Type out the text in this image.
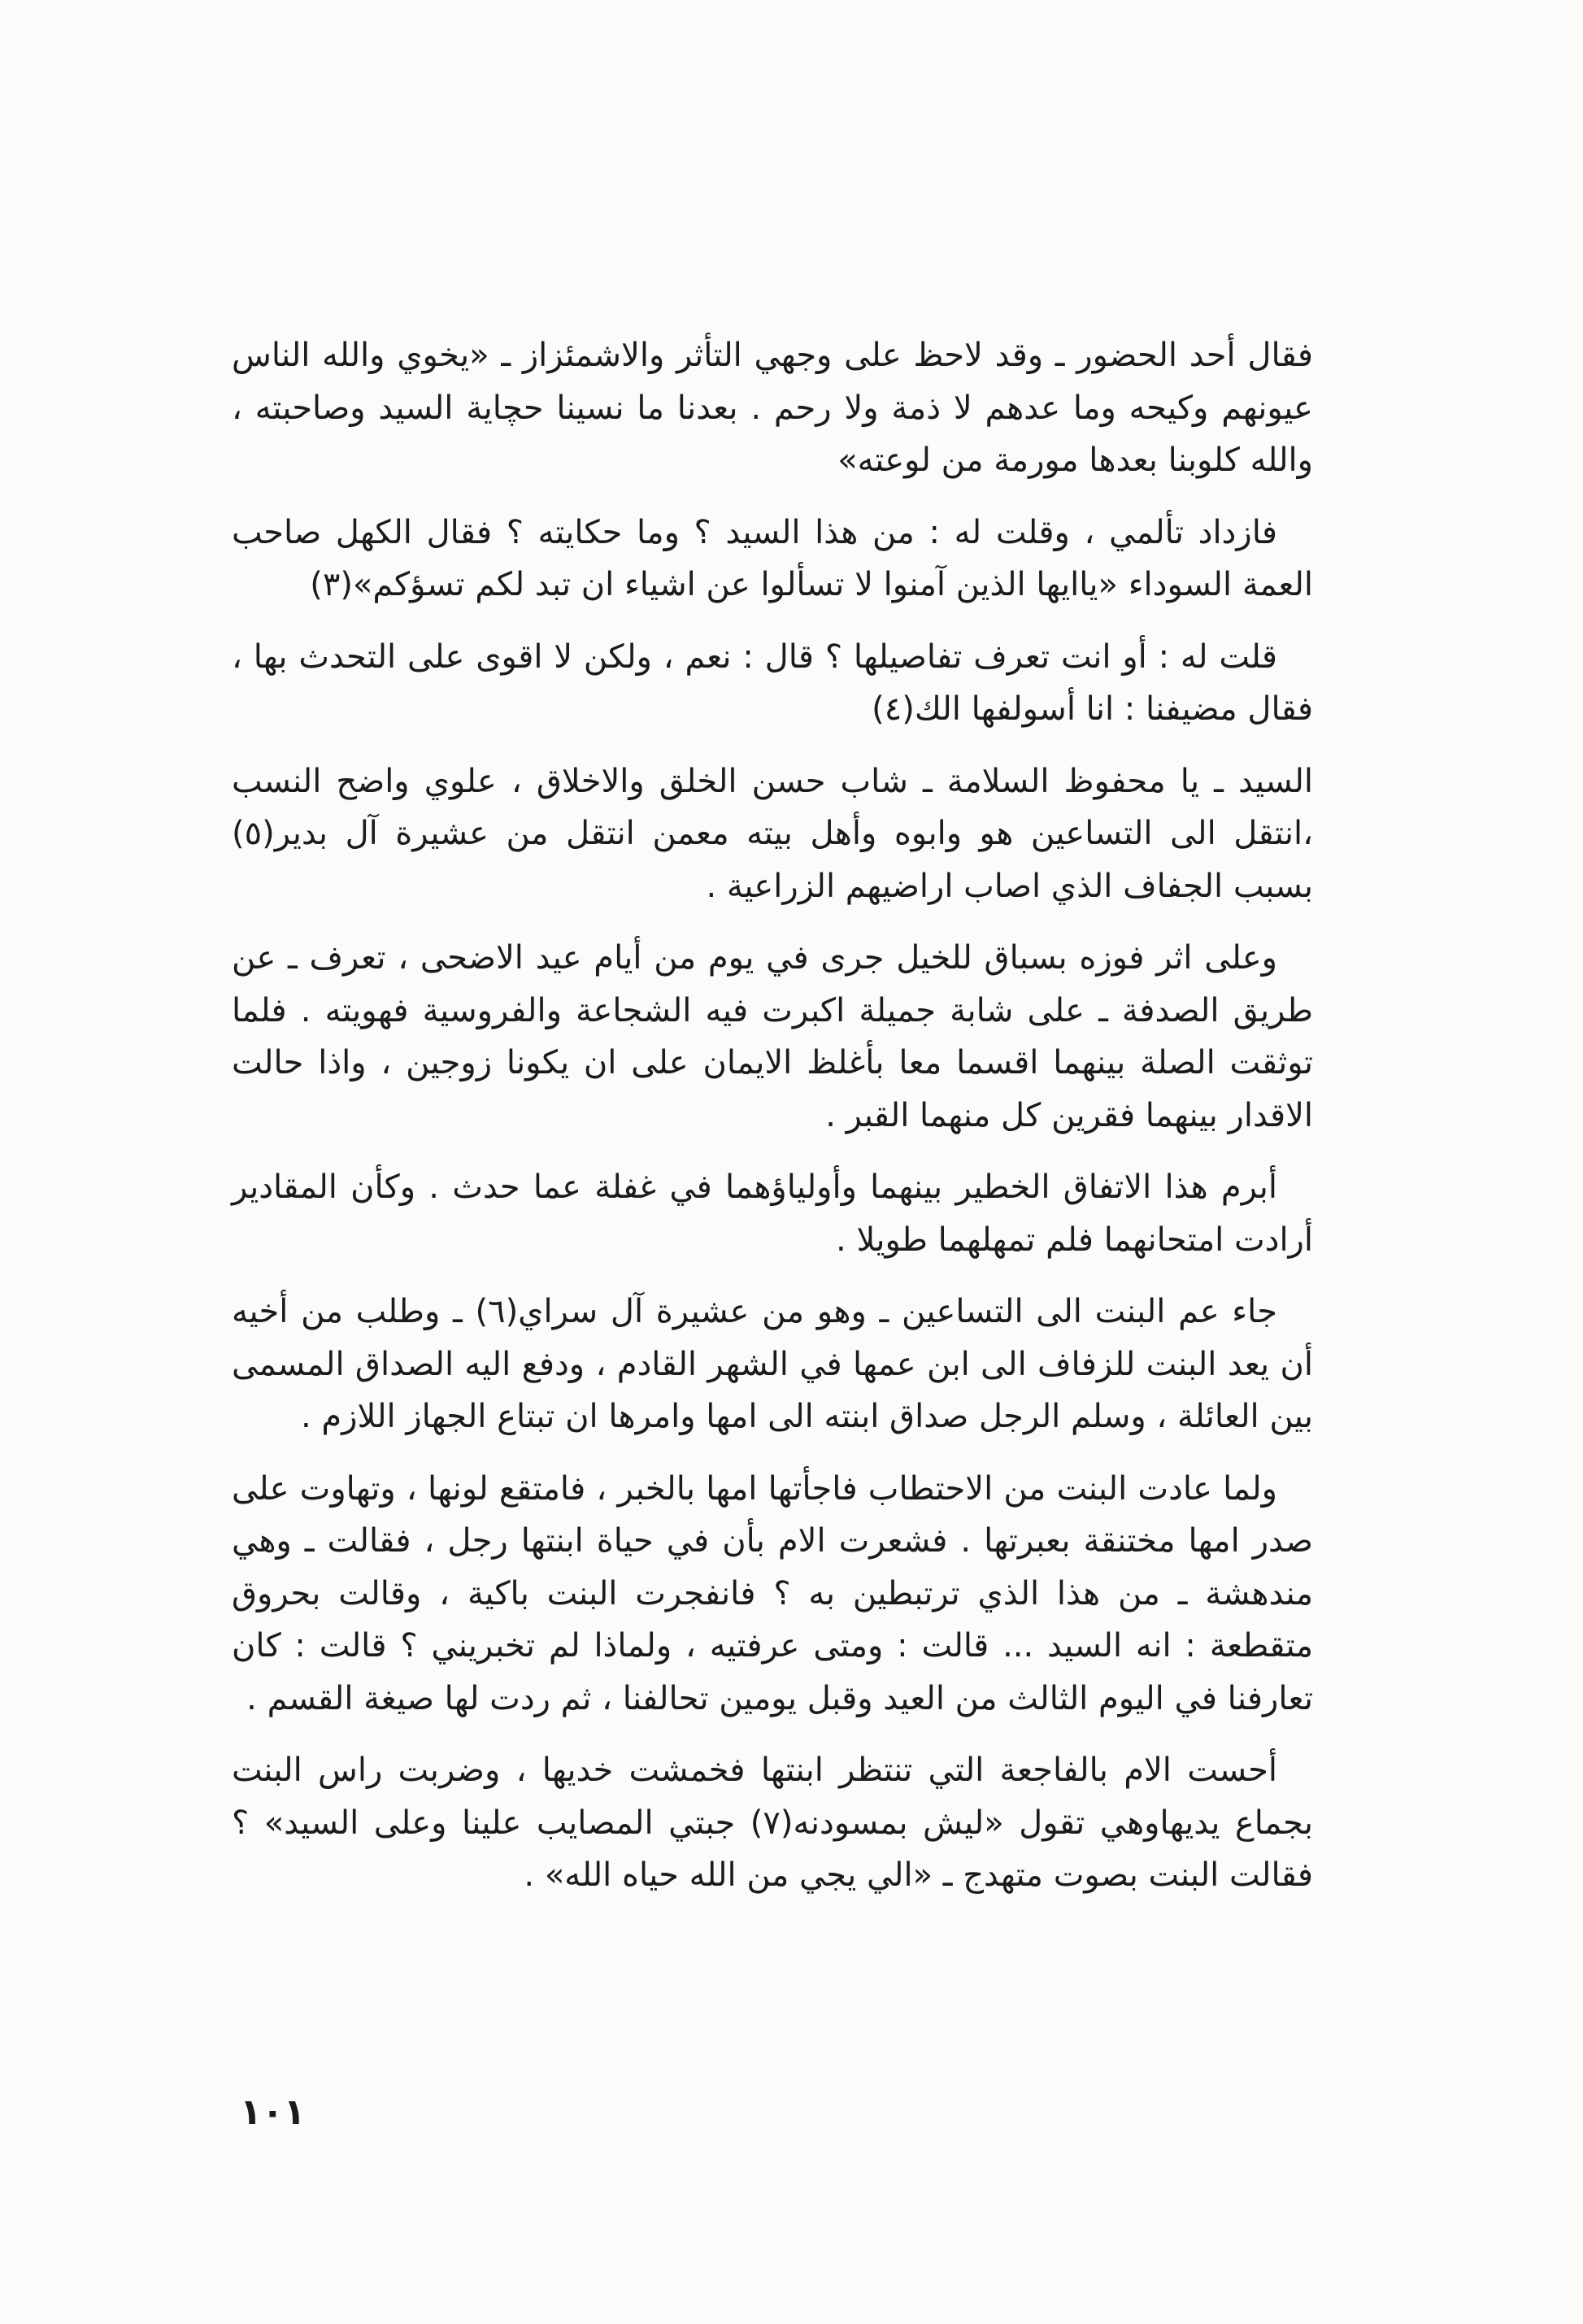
فقال أحد الحضور ـ وقد لاحظ على وجهي التأثر والاشمئزاز ـ «يخوي والله الناس عيونهم وكيحه وما عدهم لا ذمة ولا رحم . بعدنا ما نسينا حچاية السيد وصاحبته ، والله كلوبنا بعدها مورمة من لوعته»

فازداد تألمي ، وقلت له : من هذا السيد ؟ وما حكايته ؟ فقال الكهل صاحب العمة السوداء «ياايها الذين آمنوا لا تسألوا عن اشياء ان تبد لكم تسؤكم»(٣)

قلت له : أو انت تعرف تفاصيلها ؟ قال : نعم ، ولكن لا اقوى على التحدث بها ، فقال مضيفنا : انا أسولفها الك(٤)

السيد ـ يا محفوظ السلامة ـ شاب حسن الخلق والاخلاق ، علوي واضح النسب ،انتقل الى التساعين هو وابوه وأهل بيته معمن انتقل من عشيرة آل بدير(٥) بسبب الجفاف الذي اصاب اراضيهم الزراعية .

وعلى اثر فوزه بسباق للخيل جرى في يوم من أيام عيد الاضحى ، تعرف ـ عن طريق الصدفة ـ على شابة جميلة اكبرت فيه الشجاعة والفروسية فهويته . فلما توثقت الصلة بينهما اقسما معا بأغلظ الايمان على ان يكونا زوجين ، واذا حالت الاقدار بينهما فقرين كل منهما القبر .

أبرم هذا الاتفاق الخطير بينهما وأولياؤهما في غفلة عما حدث . وكأن المقادير أرادت امتحانهما فلم تمهلهما طويلا .

جاء عم البنت الى التساعين ـ وهو من عشيرة آل سراي(٦) ـ وطلب من أخيه أن يعد البنت للزفاف الى ابن عمها في الشهر القادم ، ودفع اليه الصداق المسمى بين العائلة ، وسلم الرجل صداق ابنته الى امها وامرها ان تبتاع الجهاز اللازم .

ولما عادت البنت من الاحتطاب فاجأتها امها بالخبر ، فامتقع لونها ، وتهاوت على صدر امها مختنقة بعبرتها . فشعرت الام بأن في حياة ابنتها رجل ، فقالت ـ وهي مندهشة ـ من هذا الذي ترتبطين به ؟ فانفجرت البنت باكية ، وقالت بحروق متقطعة : انه السيد ... قالت : ومتى عرفتيه ، ولماذا لم تخبريني ؟ قالت : كان تعارفنا في اليوم الثالث من العيد وقبل يومين تحالفنا ، ثم ردت لها صيغة القسم .

أحست الام بالفاجعة التي تنتظر ابنتها فخمشت خديها ، وضربت راس البنت بجماع يديهاوهي تقول «ليش بمسودنه(٧) جبتي المصايب علينا وعلى السيد» ؟ فقالت البنت بصوت متهدج ـ «الي يجي من الله حياه الله» .

١٠١
